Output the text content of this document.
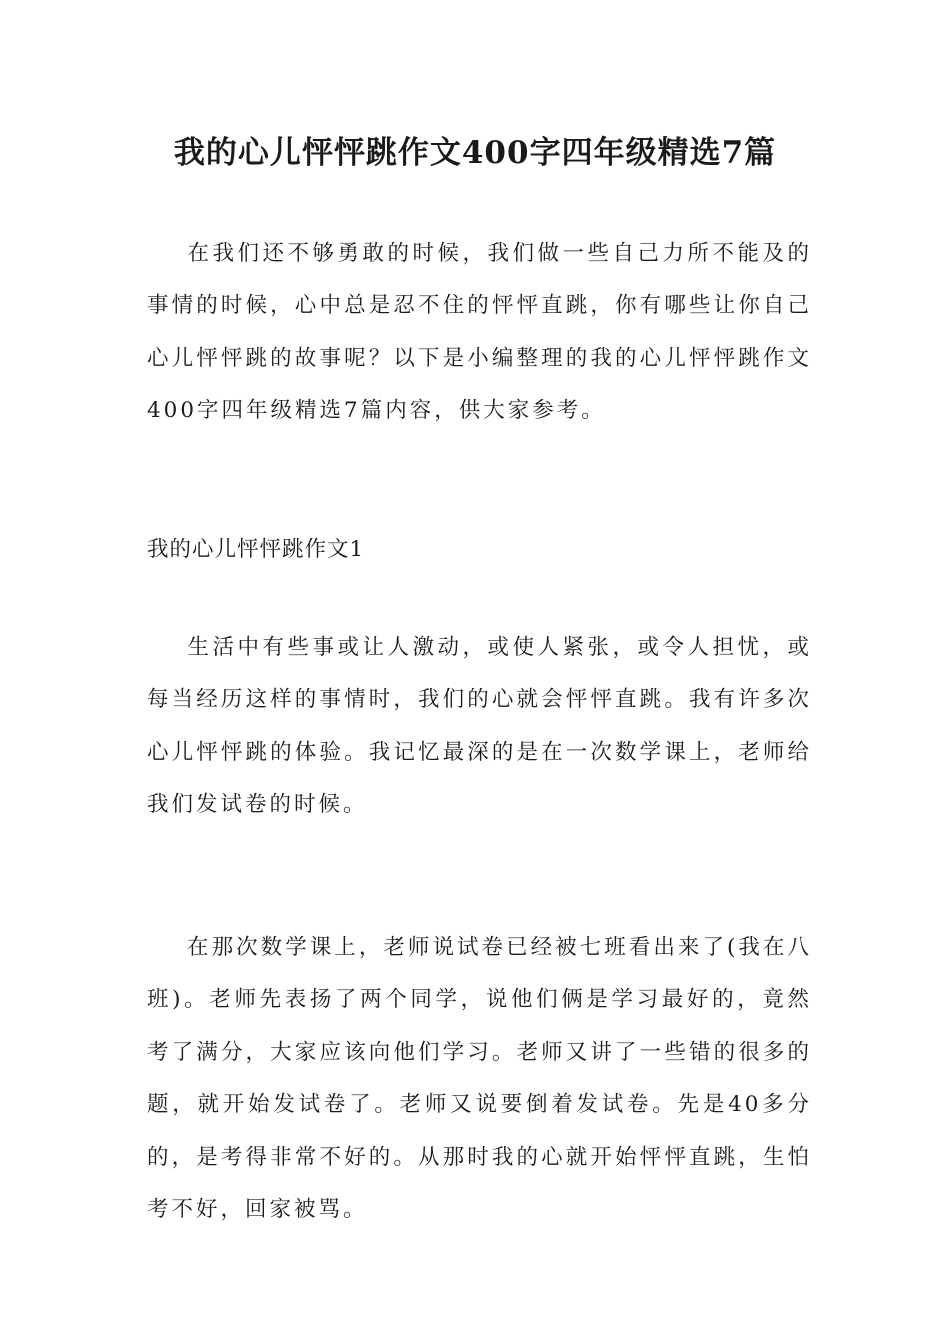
我的心儿怦怦跳作文400字四年级精选7篇

在我们还不够勇敢的时候，我们做一些自己力所不能及的事情的时候，心中总是忍不住的怦怦直跳，你有哪些让你自己心儿怦怦跳的故事呢？以下是小编整理的我的心儿怦怦跳作文400字四年级精选7篇内容，供大家参考。

我的心儿怦怦跳作文1

生活中有些事或让人激动，或使人紧张，或令人担忧，或每当经历这样的事情时，我们的心就会怦怦直跳。我有许多次心儿怦怦跳的体验。我记忆最深的是在一次数学课上，老师给我们发试卷的时候。

在那次数学课上，老师说试卷已经被七班看出来了(我在八班)。老师先表扬了两个同学，说他们俩是学习最好的，竟然考了满分，大家应该向他们学习。老师又讲了一些错的很多的题，就开始发试卷了。老师又说要倒着发试卷。先是40多分的，是考得非常不好的。从那时我的心就开始怦怦直跳，生怕考不好，回家被骂。
